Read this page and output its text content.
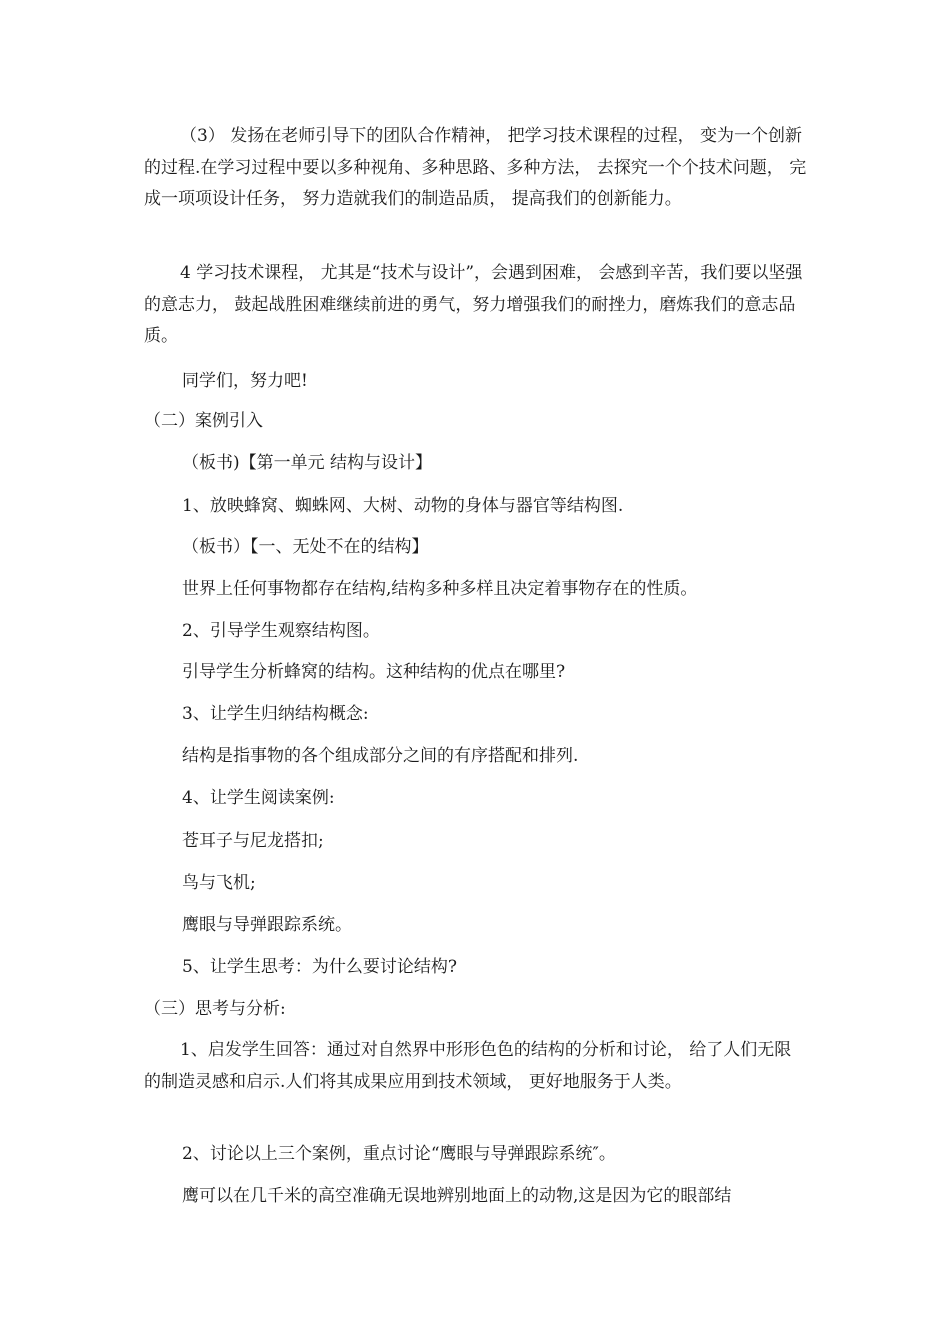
（3） 发扬在老师引导下的团队合作精神， 把学习技术课程的过程， 变为一个创新的过程.在学习过程中要以多种视角、多种思路、多种方法， 去探究一个个技术问题， 完成一项项设计任务， 努力造就我们的制造品质， 提高我们的创新能力。

4 学习技术课程， 尤其是“技术与设计”，会遇到困难， 会感到辛苦，我们要以坚强的意志力， 鼓起战胜困难继续前进的勇气，努力增强我们的耐挫力，磨炼我们的意志品质。

同学们，努力吧!

（二）案例引入

（板书)【第一单元 结构与设计】

1、放映蜂窝、蜘蛛网、大树、动物的身体与器官等结构图.

（板书）【一、无处不在的结构】

世界上任何事物都存在结构,结构多种多样且决定着事物存在的性质。

2、引导学生观察结构图。

引导学生分析蜂窝的结构。这种结构的优点在哪里?

3、让学生归纳结构概念:

结构是指事物的各个组成部分之间的有序搭配和排列.

4、让学生阅读案例:

苍耳子与尼龙搭扣;

鸟与飞机;

鹰眼与导弹跟踪系统。

5、让学生思考：为什么要讨论结构?

（三）思考与分析:

1、启发学生回答：通过对自然界中形形色色的结构的分析和讨论， 给了人们无限的制造灵感和启示.人们将其成果应用到技术领域， 更好地服务于人类。

2、讨论以上三个案例，重点讨论“鹰眼与导弹跟踪系统″。

鹰可以在几千米的高空准确无误地辨别地面上的动物,这是因为它的眼部结
